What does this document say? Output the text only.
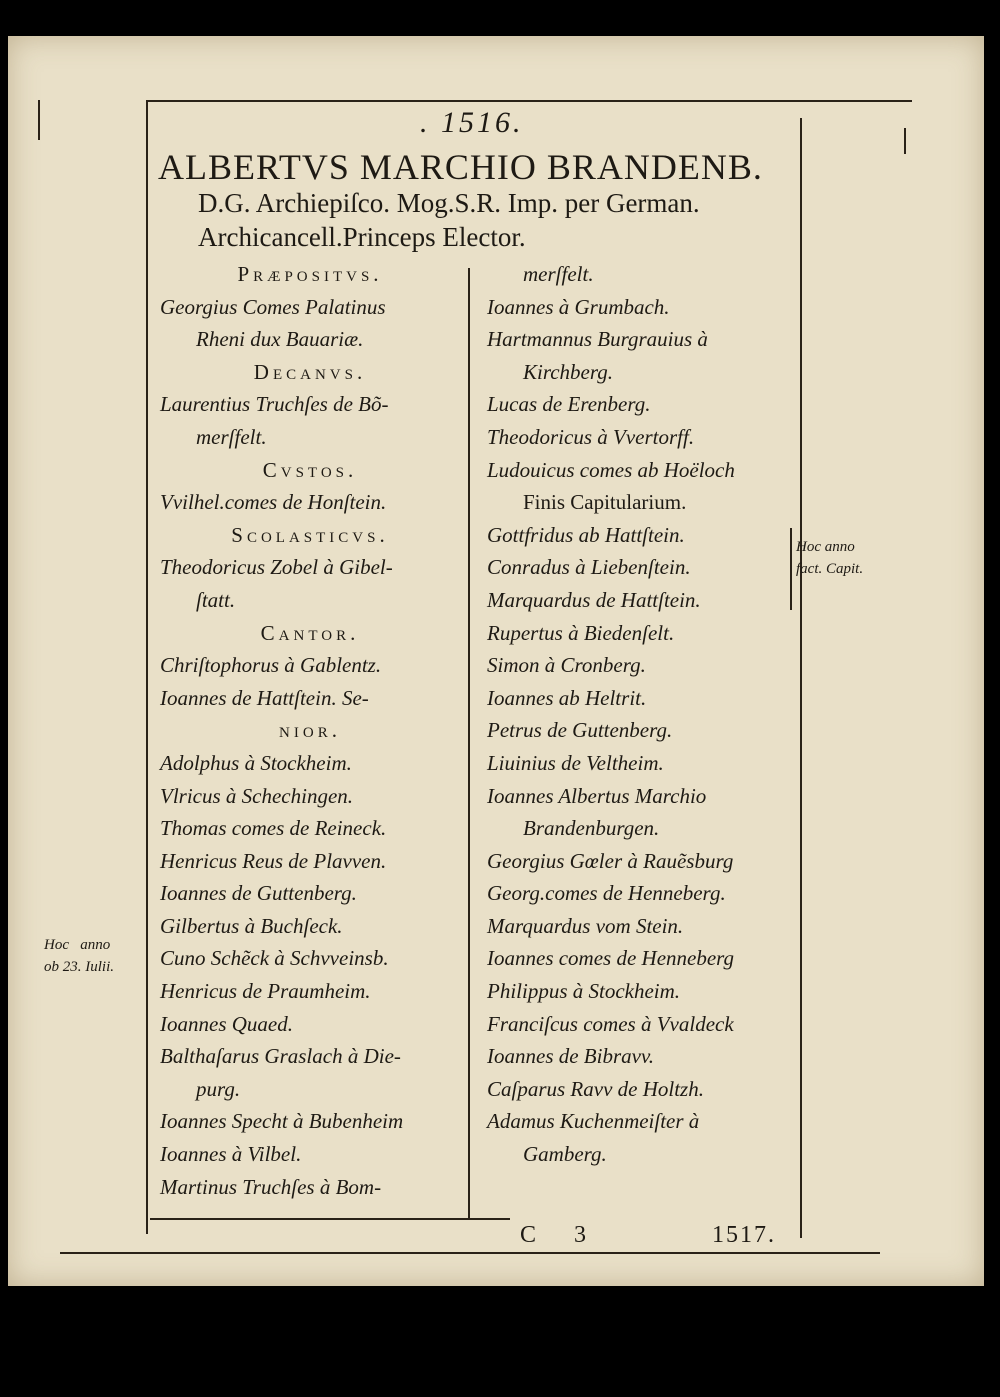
. 1516.
ALBERTVS MARCHIO BRANDENB.
D.G. Archiepiſco. Mog.S.R. Imp. per German.
Archicancell.Princeps Elector.
Præpositvs.
Georgius Comes Palatinus
Rheni dux Bauariæ.
Decanvs.
Laurentius Truchſes de Bõ-
merſfelt.
Cvstos.
Vvilhel.comes de Honſtein.
Scolasticvs.
Theodoricus Zobel à Gibel-
ſtatt.
Cantor.
Chriſtophorus à Gablentz.
Ioannes de Hattſtein. Se-
nior.
Adolphus à Stockheim.
Vlricus à Schechingen.
Thomas comes de Reineck.
Henricus Reus de Plavven.
Ioannes de Guttenberg.
Gilbertus à Buchſeck.
Cuno Schẽck à Schvveinsb.
Henricus de Praumheim.
Ioannes Quaed.
Balthaſarus Graslach à Die-
purg.
Ioannes Specht à Bubenheim
Ioannes à Vilbel.
Martinus Truchſes à Bom-
merſfelt.
Ioannes à Grumbach.
Hartmannus Burgrauius à
Kirchberg.
Lucas de Erenberg.
Theodoricus à Vvertorff.
Ludouicus comes ab Hoëloch
Finis Capitularium.
Gottfridus ab Hattſtein.
Conradus à Liebenſtein.
Marquardus de Hattſtein.
Rupertus à Biedenſelt.
Simon à Cronberg.
Ioannes ab Heltrit.
Petrus de Guttenberg.
Liuinius de Veltheim.
Ioannes Albertus Marchio
Brandenburgen.
Georgius Gœler à Rauẽsburg
Georg.comes de Henneberg.
Marquardus vom Stein.
Ioannes comes de Henneberg
Philippus à Stockheim.
Franciſcus comes à Vvaldeck
Ioannes de Bibravv.
Caſparus Ravv de Holtzh.
Adamus Kuchenmeiſter à
Gamberg.
Hoc anno
fact. Capit.
Hoc   anno
ob 23. Iulii.
C 3	1517.
